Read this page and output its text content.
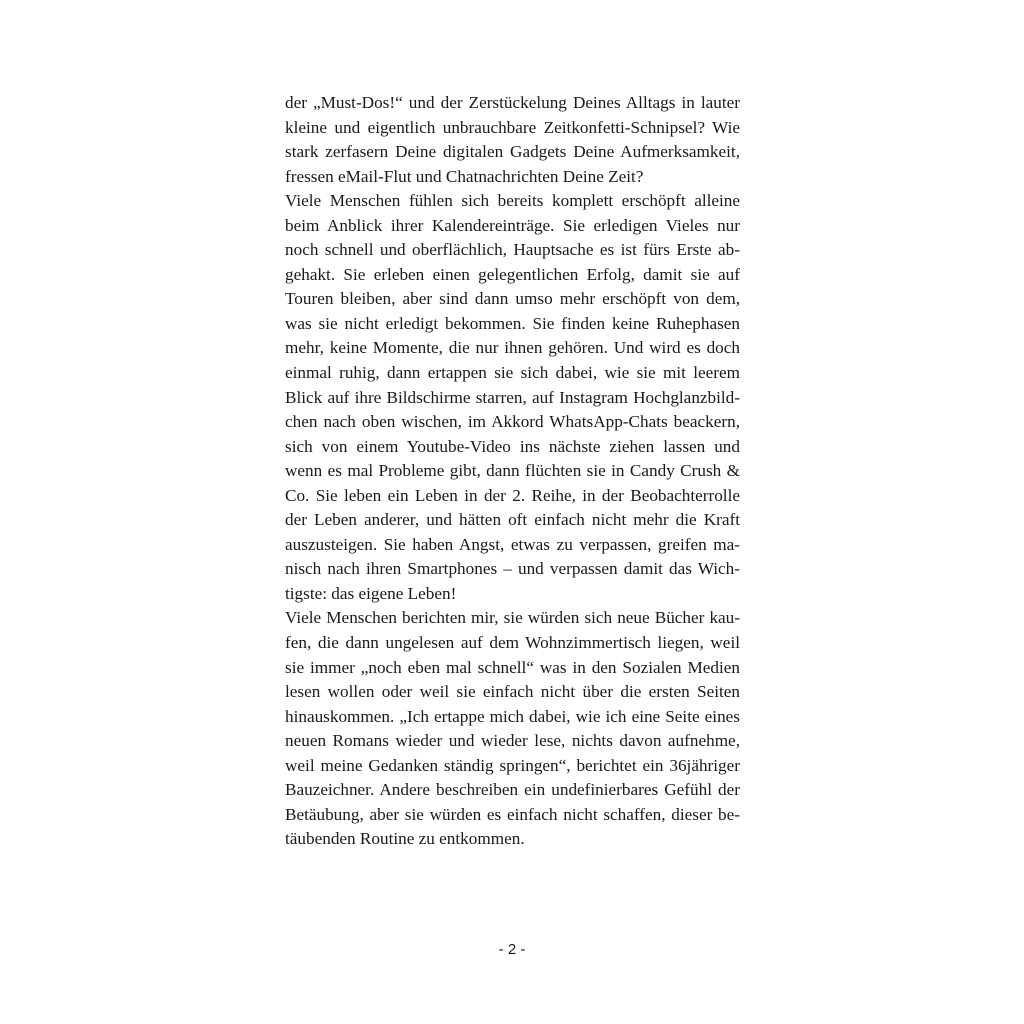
der „Must-Dos!“ und der Zerstückelung Deines Alltags in lauter
kleine und eigentlich unbrauchbare Zeitkonfetti-Schnipsel? Wie
stark zerfasern Deine digitalen Gadgets Deine Aufmerksamkeit,
fressen eMail-Flut und Chatnachrichten Deine Zeit?
Viele Menschen fühlen sich bereits komplett erschöpft alleine
beim Anblick ihrer Kalendereinträge. Sie erledigen Vieles nur
noch schnell und oberflächlich, Hauptsache es ist fürs Erste ab-
gehakt. Sie erleben einen gelegentlichen Erfolg, damit sie auf
Touren bleiben, aber sind dann umso mehr erschöpft von dem,
was sie nicht erledigt bekommen. Sie finden keine Ruhephasen
mehr, keine Momente, die nur ihnen gehören. Und wird es doch
einmal ruhig, dann ertappen sie sich dabei, wie sie mit leerem
Blick auf ihre Bildschirme starren, auf Instagram Hochglanzbild-
chen nach oben wischen, im Akkord WhatsApp-Chats beackern,
sich von einem Youtube-Video ins nächste ziehen lassen und
wenn es mal Probleme gibt, dann flüchten sie in Candy Crush &
Co. Sie leben ein Leben in der 2. Reihe, in der Beobachterrolle
der Leben anderer, und hätten oft einfach nicht mehr die Kraft
auszusteigen. Sie haben Angst, etwas zu verpassen, greifen ma-
nisch nach ihren Smartphones – und verpassen damit das Wich-
tigste: das eigene Leben!
Viele Menschen berichten mir, sie würden sich neue Bücher kau-
fen, die dann ungelesen auf dem Wohnzimmertisch liegen, weil
sie immer „noch eben mal schnell“ was in den Sozialen Medien
lesen wollen oder weil sie einfach nicht über die ersten Seiten
hinauskommen. „Ich ertappe mich dabei, wie ich eine Seite eines
neuen Romans wieder und wieder lese, nichts davon aufnehme,
weil meine Gedanken ständig springen“, berichtet ein 36jähriger
Bauzeichner. Andere beschreiben ein undefinierbares Gefühl der
Betäubung, aber sie würden es einfach nicht schaffen, dieser be-
täubenden Routine zu entkommen.
- 2 -
